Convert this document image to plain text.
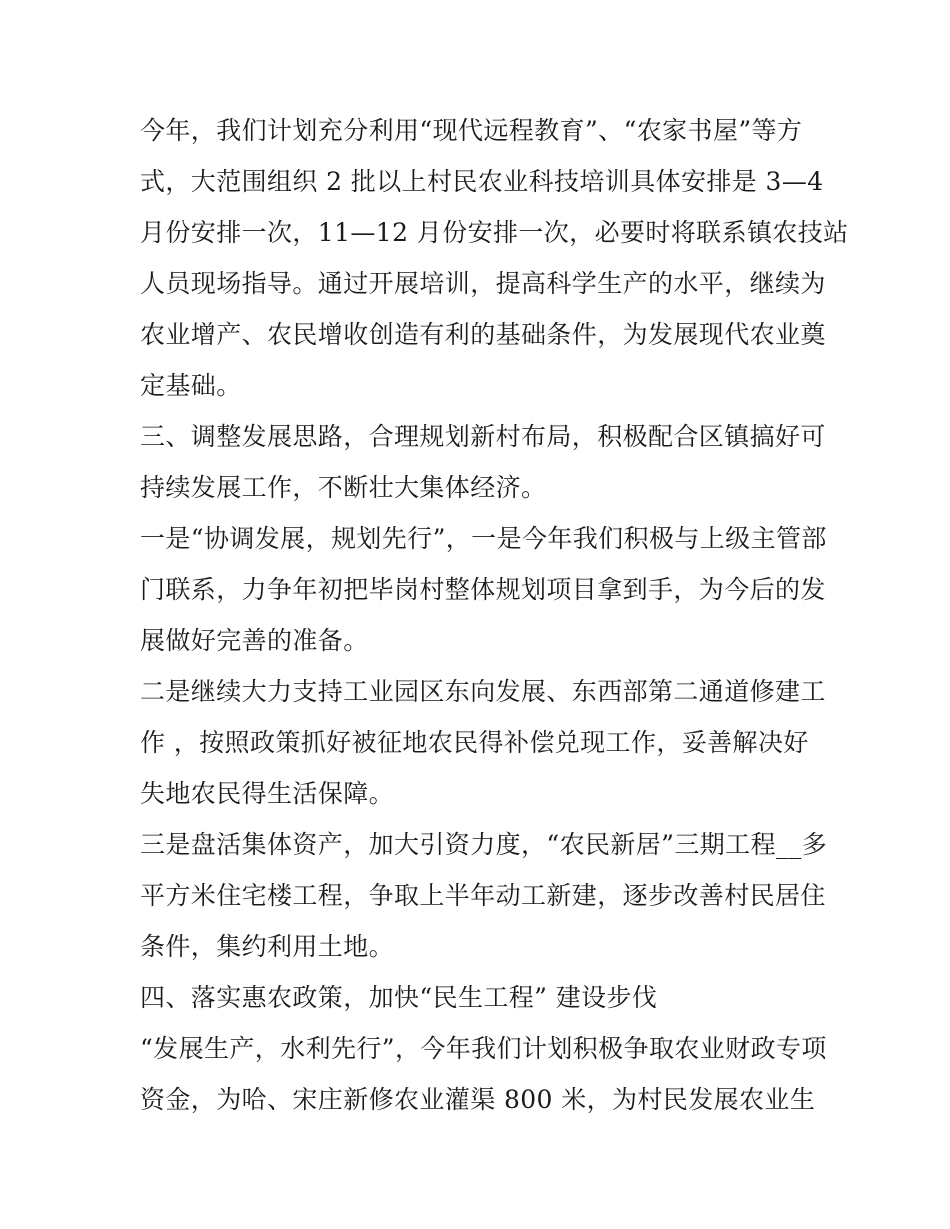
今年，我们计划充分利用“现代远程教育”、“农家书屋”等方
式，大范围组织 2 批以上村民农业科技培训具体安排是 3—4
月份安排一次，11—12 月份安排一次，必要时将联系镇农技站
人员现场指导。通过开展培训，提高科学生产的水平，继续为
农业增产、农民增收创造有利的基础条件，为发展现代农业奠
定基础。
三、调整发展思路，合理规划新村布局，积极配合区镇搞好可
持续发展工作，不断壮大集体经济。
一是“协调发展，规划先行”，一是今年我们积极与上级主管部
门联系，力争年初把毕岗村整体规划项目拿到手，为今后的发
展做好完善的准备。
二是继续大力支持工业园区东向发展、东西部第二通道修建工
作 ，按照政策抓好被征地农民得补偿兑现工作，妥善解决好
失地农民得生活保障。
三是盘活集体资产，加大引资力度，“农民新居”三期工程__多
平方米住宅楼工程，争取上半年动工新建，逐步改善村民居住
条件，集约利用土地。
四、落实惠农政策，加快“民生工程” 建设步伐
“发展生产，水利先行”，今年我们计划积极争取农业财政专项
资金，为哈、宋庄新修农业灌渠 800 米，为村民发展农业生
